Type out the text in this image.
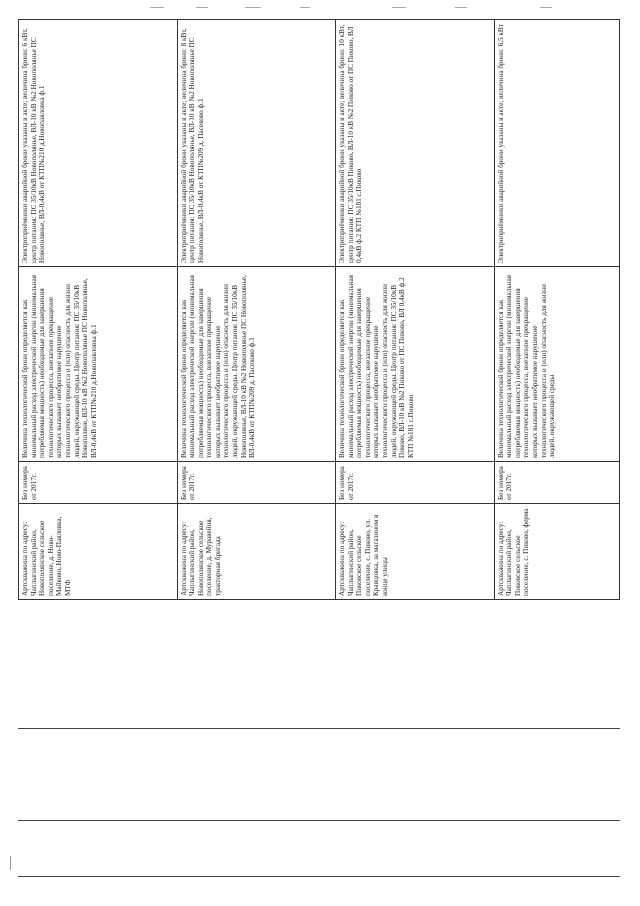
Артскважина по адресу: Чаплыгинский район, Новополянское сельское поселение, д. Ново-Майково, Ново-Павловка, МТФ	Без номера от 2017г.	Величина технологической брони определяется как минимальный расход электрической энергии (минимальная потребляемая мощность) необходимые для завершения технологического процесса, внезапное прекращение которых вызывает необратимое нарушение технологического процесса и (или) опасность для жизни людей, окружающей среды. Центр питания: ПС 35/10кВ Новополяне, ВЛ-10 кВ №2 Новополянье ПС Новополянье, ВЛ-0,4кВ от КТП№210 д.Новопавловка ф.1	Электроприёмники аварийной брони указаны в акте; величина брони: 6 кВт, центр питания: ПС 35/10кВ Новополянье, ВЛ-10 кВ №2 Новополянье ПС Новополянье, ВЛ-0,4кВ от КТП№210 д.Новопавловка ф.1
Артскважина по адресу: Чаплыгинский район, Новополянское сельское поселение, д. Муравейня, тракторная бригада	Без номера от 2017г.	Величина технологической брони определяется как минимальный расход электрической энергии (минимальная потребляемая мощность) необходимые для завершения технологического процесса, внезапное прекращение которых вызывает необратимое нарушение технологического процесса и (или) опасность для жизни людей, окружающей среды. Центр питания: ПС 35/10кВ Новополянье, ВЛ-10 кВ №2 Новополянье ПС Новополянье, ВЛ-0,4кВ от КТП№209 д. Пасеково ф.1	Электроприёмники аварийной брони указаны в акте; величина брони: 8 кВт, центр питания: ПС 35/10кВ Новополянье, ВЛ-10 кВ №2 Новополянье ПС Новополянье, ВЛ-0,4кВ от КТП№209 д. Пасеково ф.1
Артскважина по адресу: Чаплыгинский район, Пиковское сельское поселение, с. Пиково, ул. Кравцовка, за магазином в конце улицы	Без номера от 2017г.	Величина технологической брони определяется как минимальный расход электрической энергии (минимальная потребляемая мощность) необходимые для завершения технологического процесса, внезапное прекращение которых вызывает необратимое нарушение технологического процесса и (или) опасность для жизни людей, окружающей среды. Центр питания: ПС 35/10кВ Пиково, ВЛ-10 кВ №2 Пиково от ПС Пиково, ВЛ 0,4кВ ф.2 КТП №181 с.Пиково	Электроприёмники аварийной брони указаны в акте; величина брони: 10 кВт, центр питания: ПС 35/10кВ Пиково, ВЛ-10 кВ №2 Пиково от ПС Пиково, ВЛ 0,4кВ ф.2 КТП №181 с.Пиково
Артскважина по адресу: Чаплыгинский район, Пиковское сельское поселение, с. Пиково, ферма	Без номера от 2017г.	Величина технологической брони определяется как минимальный расход электрической энергии (минимальная потребляемая мощность) необходимые для завершения технологического процесса, внезапное прекращение которых вызывает необратимое нарушение технологического процесса и (или) опасность для жизни людей, окружающей среды	Электроприёмники аварийной брони указаны в акте; величина брони: 6,5 кВт
